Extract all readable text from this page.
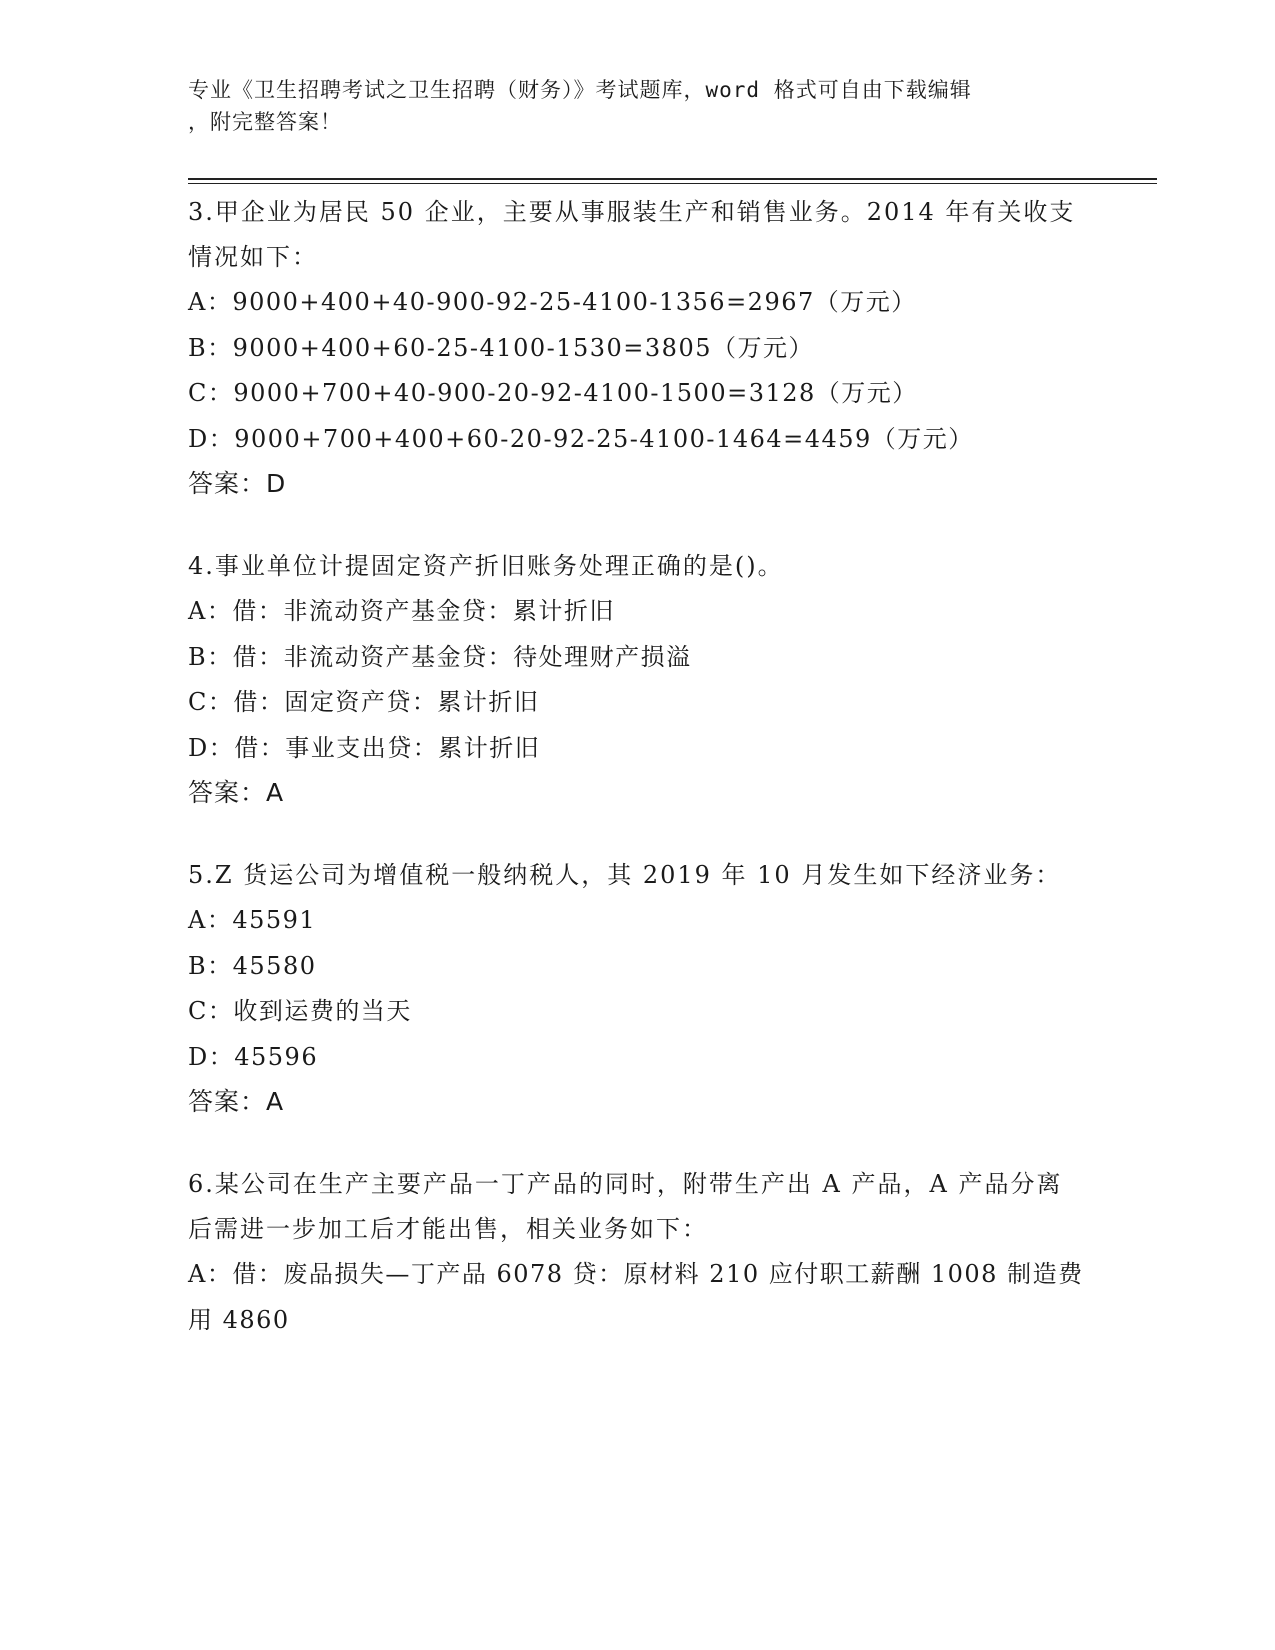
专业《卫生招聘考试之卫生招聘（财务）》考试题库，word 格式可自由下载编辑
，附完整答案！
3.甲企业为居民 50 企业，主要从事服装生产和销售业务。2014 年有关收支情况如下：
A：9000+400+40-900-92-25-4100-1356=2967（万元）
B：9000+400+60-25-4100-1530=3805（万元）
C：9000+700+40-900-20-92-4100-1500=3128（万元）
D：9000+700+400+60-20-92-25-4100-1464=4459（万元）
答案：D
4.事业单位计提固定资产折旧账务处理正确的是()。
A：借：非流动资产基金贷：累计折旧
B：借：非流动资产基金贷：待处理财产损溢
C：借：固定资产贷：累计折旧
D：借：事业支出贷：累计折旧
答案：A
5.Z 货运公司为增值税一般纳税人，其 2019 年 10 月发生如下经济业务：
A：45591
B：45580
C：收到运费的当天
D：45596
答案：A
6.某公司在生产主要产品一丁产品的同时，附带生产出 A 产品，A 产品分离后需进一步加工后才能出售，相关业务如下：
A：借：废品损失—丁产品 6078 贷：原材料 210 应付职工薪酬 1008 制造费用 4860
